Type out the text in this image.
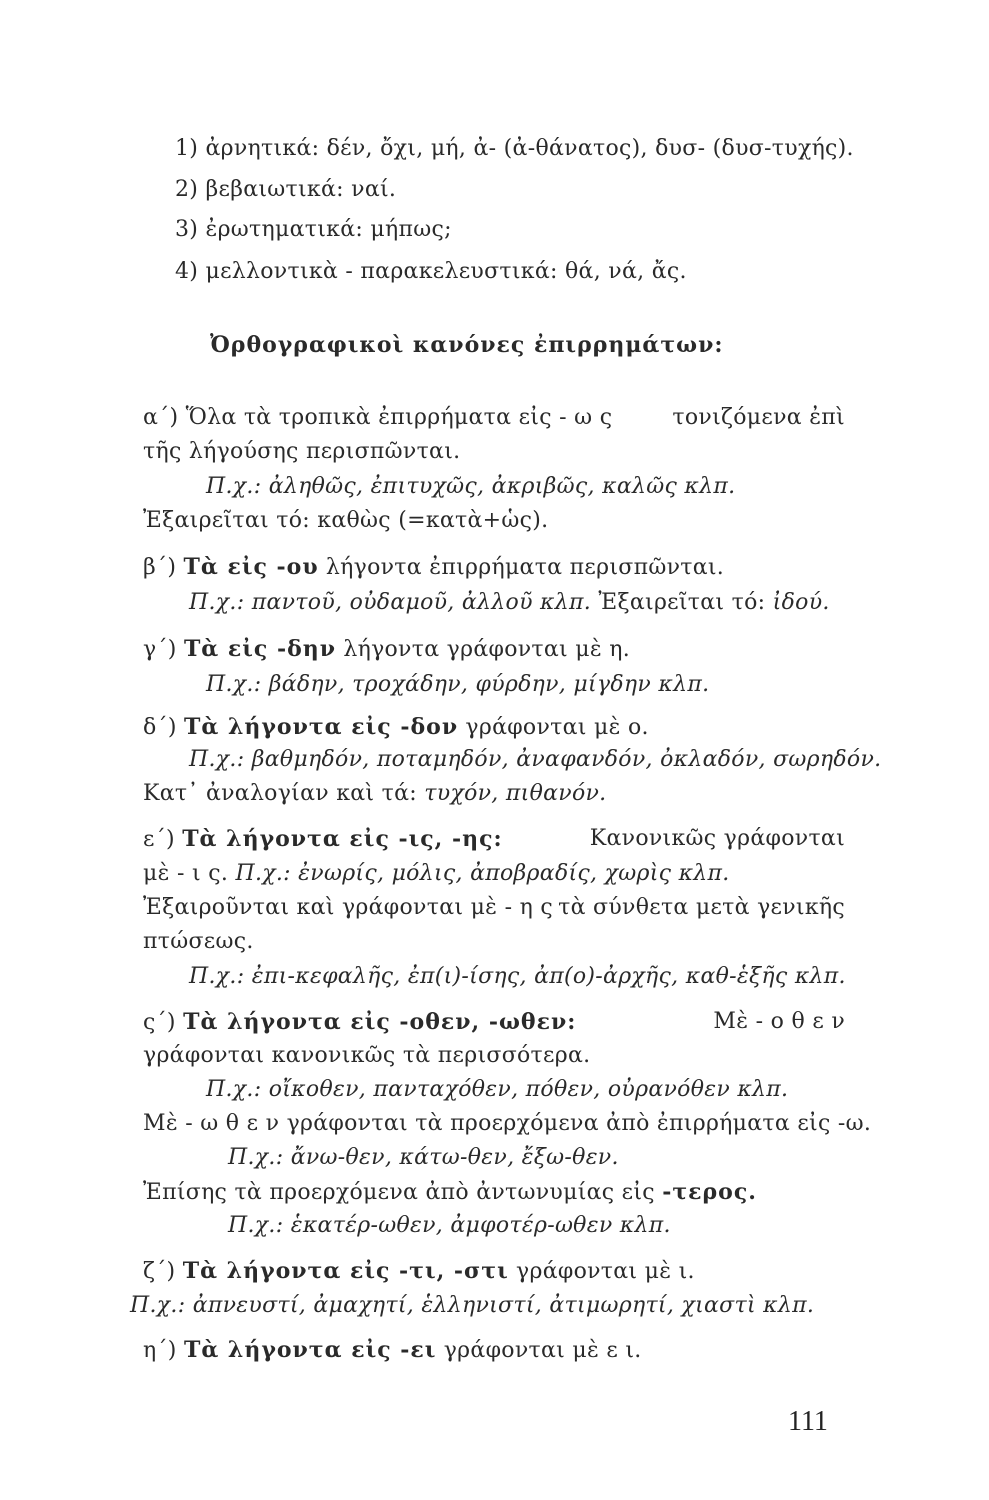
1) ἀρνητικά: δέν, ὄχι, μή, ἀ- (ἀ-θάνατος), δυσ- (δυσ-τυχής).
2) βεβαιωτικά: ναί.
3) ἐρωτηματικά: μήπως;
4) μελλοντικὰ - παρακελευστικά: θά, νά, ἄς.
Ὀρθογραφικοὶ κανόνες ἐπιρρημάτων:
α΄) Ὅλα τὰ τροπικὰ ἐπιρρήματα εἰς - ω ς	τονιζόμενα ἐπὶ
τῆς λήγούσης περισπῶνται.
Π.χ.: ἀληθῶς, ἐπιτυχῶς, ἀκριβῶς, καλῶς κλπ.
Ἐξαιρεῖται τό: καθὼς (=κατὰ+ὡς).
β΄) Τὰ εἰς -ου λήγοντα ἐπιρρήματα περισπῶνται.
Π.χ.: παντοῦ, οὐδαμοῦ, ἀλλοῦ κλπ. Ἐξαιρεῖται τό: ἰδού.
γ΄) Τὰ εἰς -δην λήγοντα γράφονται μὲ η.
Π.χ.: βάδην, τροχάδην, φύρδην, μίγδην κλπ.
δ΄) Τὰ λήγοντα εἰς -δον γράφονται μὲ ο.
Π.χ.: βαθμηδόν, ποταμηδόν, ἀναφανδόν, ὀκλαδόν, σωρηδόν.
Κατ᾿ ἀναλογίαν καὶ τά: τυχόν, πιθανόν.
ε΄) Τὰ λήγοντα εἰς -ις, -ης:	Κανονικῶς γράφονται
μὲ - ι ς. Π.χ.: ἐνωρίς, μόλις, ἀποβραδίς, χωρὶς κλπ.
Ἐξαιροῦνται καὶ γράφονται μὲ - η ς τὰ σύνθετα μετὰ γενικῆς
πτώσεως.
Π.χ.: ἐπι-κεφαλῆς, ἐπ(ι)-ίσης, ἀπ(ο)-ἀρχῆς, καθ-ἑξῆς κλπ.
ς΄) Τὰ λήγοντα εἰς -οθεν, -ωθεν:	Μὲ - ο θ ε ν
γράφονται κανονικῶς τὰ περισσότερα.
Π.χ.: οἴκοθεν, πανταχόθεν, πόθεν, οὐρανόθεν κλπ.
Μὲ - ω θ ε ν γράφονται τὰ προερχόμενα ἀπὸ ἐπιρρήματα εἰς -ω.
Π.χ.: ἄνω-θεν, κάτω-θεν, ἔξω-θεν.
Ἐπίσης τὰ προερχόμενα ἀπὸ ἀντωνυμίας εἰς -τερος.
Π.χ.: ἑκατέρ-ωθεν, ἀμφοτέρ-ωθεν κλπ.
ζ΄) Τὰ λήγοντα εἰς -τι, -στι γράφονται μὲ ι.
Π.χ.: ἀπνευστί, ἀμαχητί, ἑλληνιστί, ἀτιμωρητί, χιαστὶ κλπ.
η΄) Τὰ λήγοντα εἰς -ει γράφονται μὲ ε ι.
111
